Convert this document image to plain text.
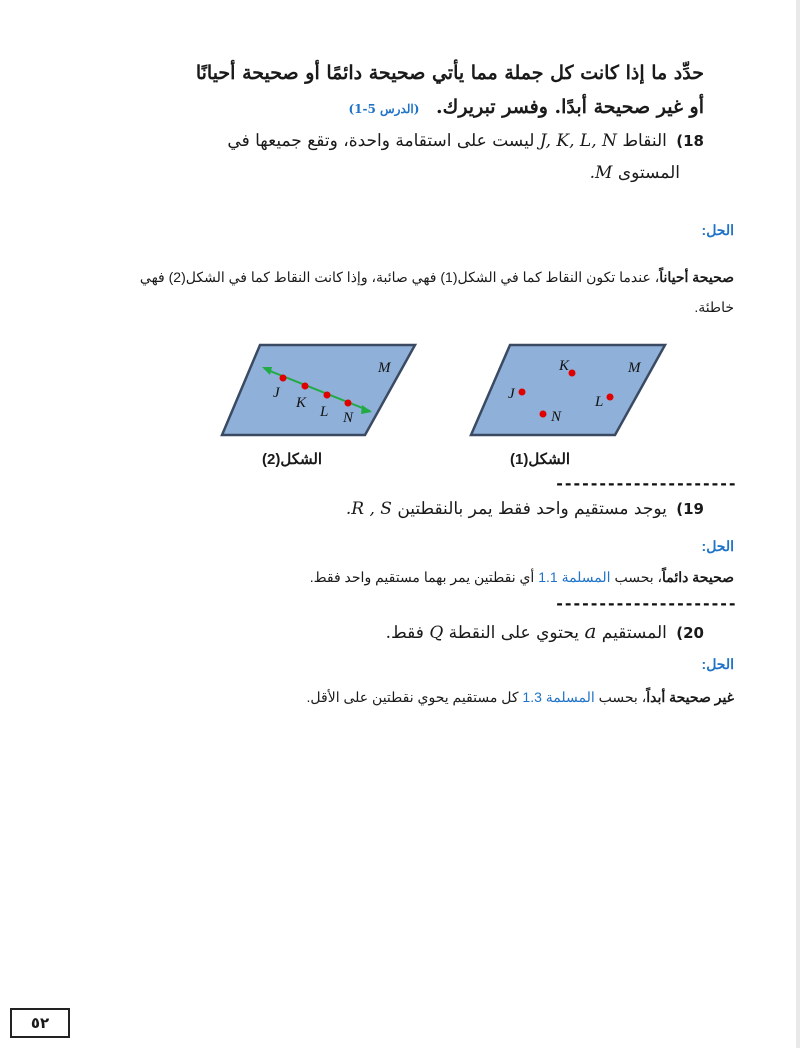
حدِّد ما إذا كانت كل جملة مما يأتي صحيحة دائمًا أو صحيحة أحيانًا
أو غير صحيحة أبدًا. وفسر تبريرك. (الدرس 5-1)
18) النقاط J, K, L, N ليست على استقامة واحدة، وتقع جميعها في
المستوى M.
الحل:
صحيحة أحياناً، عندما تكون النقاط كما في الشكل(1) فهي صائبة، وإذا كانت النقاط كما في الشكل(2) فهي
خاطئة.
M
J
K
L N
M
K
J	L
N
الشكل(2)	الشكل(1)
---------------------
19) يوجد مستقيم واحد فقط يمر بالنقطتين R , S.
الحل:
صحيحة دائماً، بحسب المسلمة 1.1 أي نقطتين يمر بهما مستقيم واحد فقط.
---------------------
20) المستقيم a يحتوي على النقطة Q فقط.
الحل:
غير صحيحة أبداً، بحسب المسلمة 1.3 كل مستقيم يحوي نقطتين على الأقل.
٥٢
